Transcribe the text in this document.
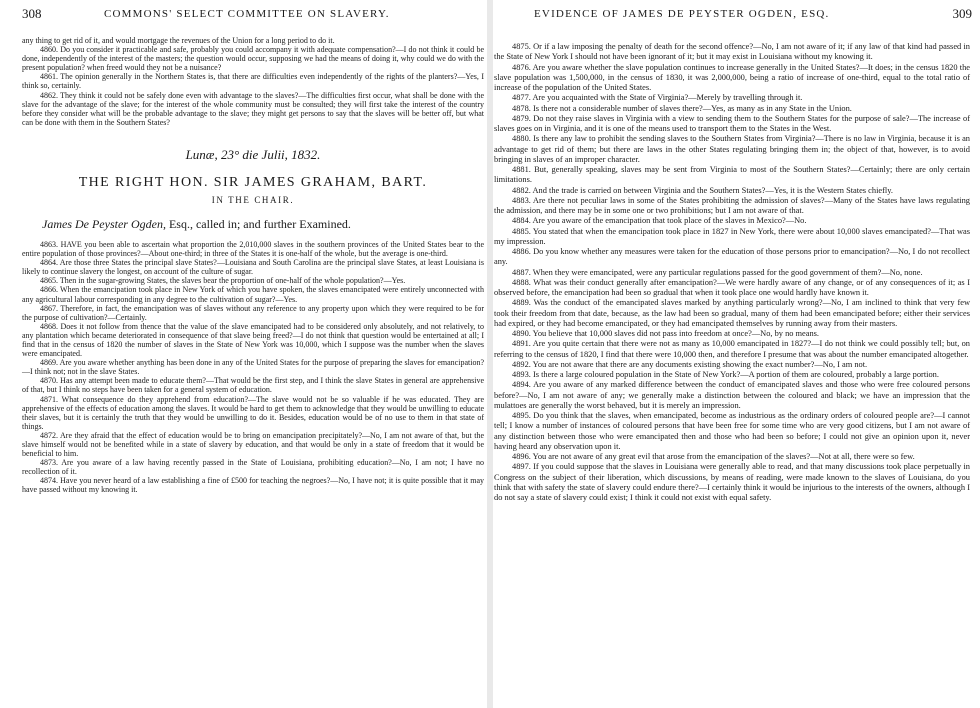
308	COMMONS' SELECT COMMITTEE ON SLAVERY.

any thing to get rid of it, and would mortgage the revenues of the Union for a long period to do it.

4860. Do you consider it practicable and safe, probably you could accompany it with adequate compensation?—I do not think it could be done, independently of the interest of the masters; the question would occur, supposing we had the means of doing it, why could we do with the present population? when freed would they not be a nuisance?

4861. The opinion generally in the Northern States is, that there are difficulties even independently of the rights of the planters?—Yes, I think so, certainly.

4862. They think it could not be safely done even with advantage to the slaves?—The difficulties first occur, what shall be done with the slave for the advantage of the slave; for the interest of the whole community must be consulted; they will first take the interest of the country before they consider what will be the probable advantage to the slave; they might get persons to say that the slaves will be better off, but what can be done with them in the Southern States?

Lunæ, 23° die Julii, 1832.
THE RIGHT HON. SIR JAMES GRAHAM, BART.
IN THE CHAIR.
James De Peyster Ogden, Esq., called in; and further Examined.

4863. HAVE you been able to ascertain what proportion the 2,010,000 slaves in the southern provinces of the United States bear to the entire population of those provinces?—About one-third; in three of the States it is one-half of the whole, but the average is one-third.

4864. Are those three States the principal slave States?—Louisiana and South Carolina are the principal slave States, at least Louisiana is likely to continue slavery the longest, on account of the culture of sugar.

4865. Then in the sugar-growing States, the slaves bear the proportion of one-half of the whole population?—Yes.

4866. When the emancipation took place in New York of which you have spoken, the slaves emancipated were entirely unconnected with any agricultural labour corresponding in any degree to the cultivation of sugar?—Yes.

4867. Therefore, in fact, the emancipation was of slaves without any reference to any property upon which they were required to be for the purpose of cultivation?—Certainly.

4868. Does it not follow from thence that the value of the slave emancipated had to be considered only absolutely, and not relatively, to any plantation which became deteriorated in consequence of that slave being freed?—I do not think that question would be entertained at all; I find that in the census of 1820 the number of slaves in the State of New York was 10,000, which I suppose was the number when the slaves were emancipated.

4869. Are you aware whether anything has been done in any of the United States for the purpose of preparing the slaves for emancipation?—I think not; not in the slave States.

4870. Has any attempt been made to educate them?—That would be the first step, and I think the slave States in general are apprehensive of that, but I think no steps have been taken for a general system of education.

4871. What consequence do they apprehend from education?—The slave would not be so valuable if he was educated. They are apprehensive of the effects of education among the slaves. It would be hard to get them to acknowledge that they would be unwilling to educate their slaves, but it is certainly the truth that they would be unwilling to do it. Besides, education would be of no use to them in that state of things.

4872. Are they afraid that the effect of education would be to bring on emancipation precipitately?—No, I am not aware of that, but the slave himself would not be benefited while in a state of slavery by education, and that would be only in a state of freedom that it would be beneficial to him.

4873. Are you aware of a law having recently passed in the State of Louisiana, prohibiting education?—No, I am not; I have no recollection of it.

4874. Have you never heard of a law establishing a fine of £500 for teaching the negroes?—No, I have not; it is quite possible that it may have passed without my knowing it.

EVIDENCE OF JAMES DE PEYSTER OGDEN, ESQ.	309

4875. Or if a law imposing the penalty of death for the second offence?—No, I am not aware of it; if any law of that kind had passed in the State of New York I should not have been ignorant of it; but it may exist in Louisiana without my knowing it.

4876. Are you aware whether the slave population continues to increase generally in the United States?—It does; in the census 1820 the slave population was 1,500,000, in the census of 1830, it was 2,000,000, being a ratio of increase of one-third, equal to the total ratio of increase of the population of the United States.

4877. Are you acquainted with the State of Virginia?—Merely by travelling through it.

4878. Is there not a considerable number of slaves there?—Yes, as many as in any State in the Union.

4879. Do not they raise slaves in Virginia with a view to sending them to the Southern States for the purpose of sale?—The increase of slaves goes on in Virginia, and it is one of the means used to transport them to the States in the West.

4880. Is there any law to prohibit the sending slaves to the Southern States from Virginia?—There is no law in Virginia, because it is an advantage to get rid of them; but there are laws in the other States regulating bringing them in; the object of that, however, is to avoid bringing in slaves of an improper character.

4881. But, generally speaking, slaves may be sent from Virginia to most of the Southern States?—Certainly; there are only certain limitations.

4882. And the trade is carried on between Virginia and the Southern States?—Yes, it is the Western States chiefly.

4883. Are there not peculiar laws in some of the States prohibiting the admission of slaves?—Many of the States have laws regulating the admission, and there may be in some one or two prohibitions; but I am not aware of that.

4884. Are you aware of the emancipation that took place of the slaves in Mexico?—No.

4885. You stated that when the emancipation took place in 1827 in New York, there were about 10,000 slaves emancipated?—That was my impression.

4886. Do you know whether any measures were taken for the education of those persons prior to emancipation?—No, I do not recollect any.

4887. When they were emancipated, were any particular regulations passed for the good government of them?—No, none.

4888. What was their conduct generally after emancipation?—We were hardly aware of any change, or of any consequences of it; as I observed before, the emancipation had been so gradual that when it took place one would hardly have known it.

4889. Was the conduct of the emancipated slaves marked by anything particularly wrong?—No, I am inclined to think that very few took their freedom from that date, because, as the law had been so gradual, many of them had been emancipated before; either their services had expired, or they had become emancipated, or they had emancipated themselves by running away from their masters.

4890. You believe that 10,000 slaves did not pass into freedom at once?—No, by no means.

4891. Are you quite certain that there were not as many as 10,000 emancipated in 1827?—I do not think we could possibly tell; but, on referring to the census of 1820, I find that there were 10,000 then, and therefore I presume that was about the number emancipated altogether.

4892. You are not aware that there are any documents existing showing the exact number?—No, I am not.

4893. Is there a large coloured population in the State of New York?—A portion of them are coloured, probably a large portion.

4894. Are you aware of any marked difference between the conduct of emancipated slaves and those who were free coloured persons before?—No, I am not aware of any; we generally make a distinction between the coloured and black; we have an impression that the mulattoes are generally the worst behaved, but it is merely an impression.

4895. Do you think that the slaves, when emancipated, become as industrious as the ordinary orders of coloured people are?—I cannot tell; I know a number of instances of coloured persons that have been free for some time who are very good citizens, but I am not aware of any distinction between those who were emancipated then and those who had been so before; I could not give an opinion upon it, never having heard any observation upon it.

4896. You are not aware of any great evil that arose from the emancipation of the slaves?—Not at all, there were so few.

4897. If you could suppose that the slaves in Louisiana were generally able to read, and that many discussions took place perpetually in Congress on the subject of their liberation, which discussions, by means of reading, were made known to the slaves of Louisiana, do you think that with safety the state of slavery could endure there?—I certainly think it would be injurious to the interests of the owners, although I do not say a state of slavery could exist; I think it could not exist with equal safety.
